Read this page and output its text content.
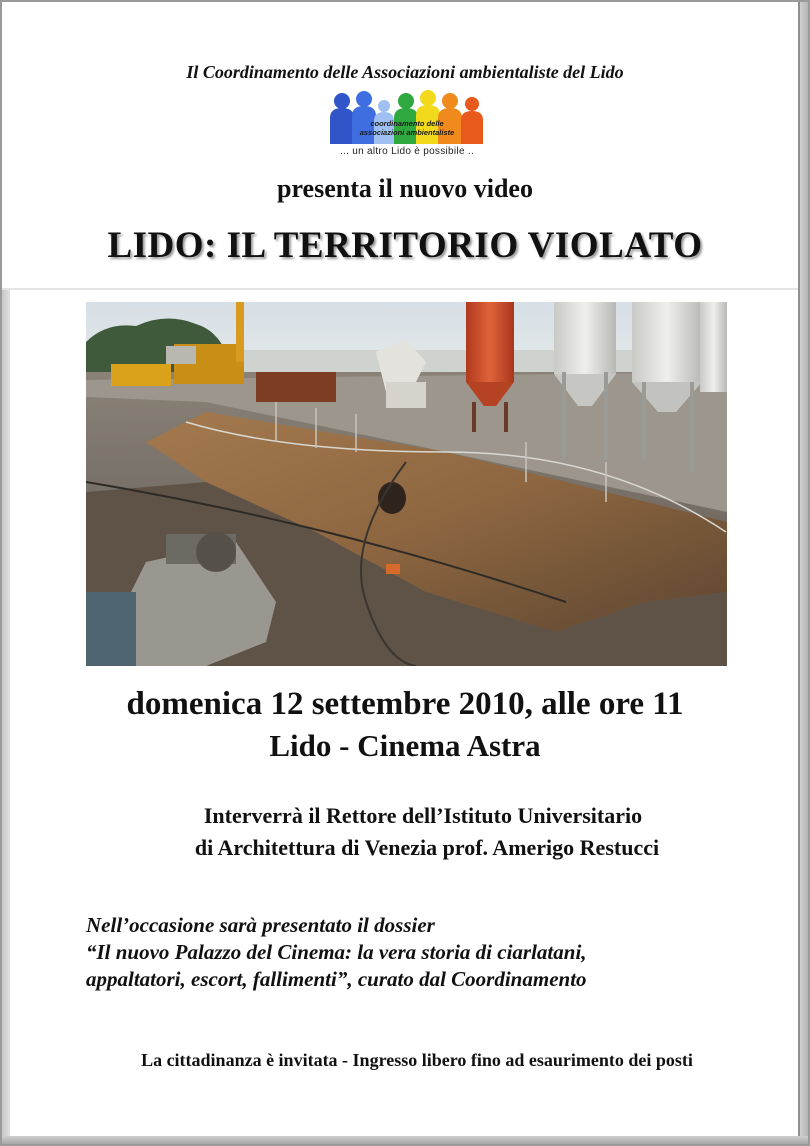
Il Coordinamento delle Associazioni ambientaliste del Lido
coordinamento delle
associazioni ambientaliste
... un altro Lido è possibile ..
presenta il nuovo video
LIDO: IL TERRITORIO VIOLATO
domenica 12 settembre 2010, alle ore 11
Lido - Cinema Astra
Interverrà il Rettore dell’Istituto Universitario
di Architettura di Venezia prof. Amerigo Restucci
Nell’occasione sarà presentato il dossier
“Il nuovo Palazzo del Cinema: la vera storia di ciarlatani,
appaltatori, escort, fallimenti”, curato dal Coordinamento
La cittadinanza è invitata - Ingresso libero fino ad esaurimento dei posti
